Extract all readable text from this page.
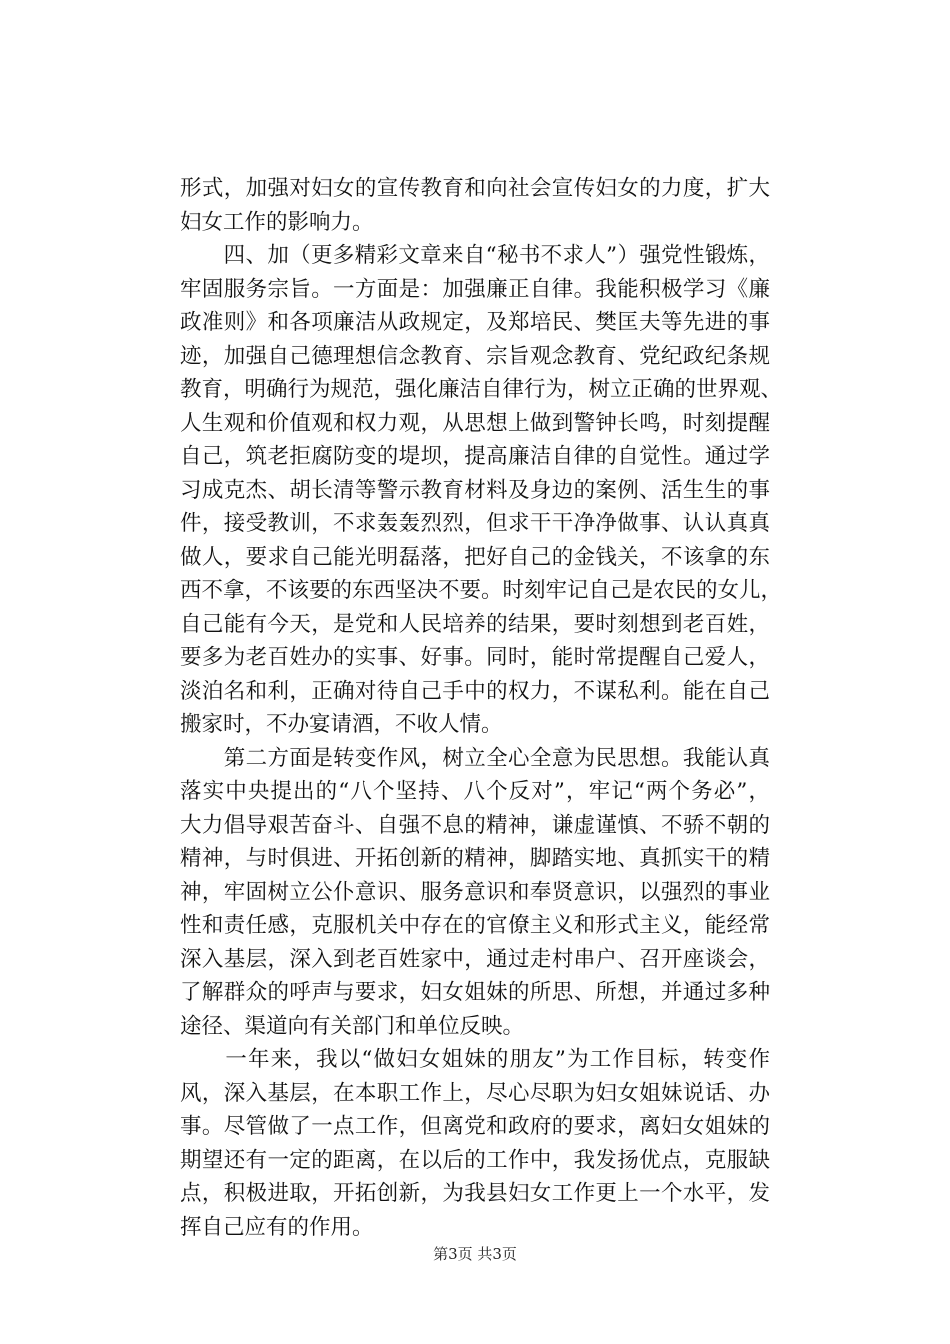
形式，加强对妇女的宣传教育和向社会宣传妇女的力度，扩大
妇女工作的影响力。
　　四、加（更多精彩文章来自“秘书不求人”）强党性锻炼，
牢固服务宗旨。一方面是：加强廉正自律。我能积极学习《廉
政准则》和各项廉洁从政规定，及郑培民、樊匡夫等先进的事
迹，加强自己德理想信念教育、宗旨观念教育、党纪政纪条规
教育，明确行为规范，强化廉洁自律行为，树立正确的世界观、
人生观和价值观和权力观，从思想上做到警钟长鸣，时刻提醒
自己，筑老拒腐防变的堤坝，提高廉洁自律的自觉性。通过学
习成克杰、胡长清等警示教育材料及身边的案例、活生生的事
件，接受教训，不求轰轰烈烈，但求干干净净做事、认认真真
做人，要求自己能光明磊落，把好自己的金钱关，不该拿的东
西不拿，不该要的东西坚决不要。时刻牢记自己是农民的女儿，
自己能有今天，是党和人民培养的结果，要时刻想到老百姓，
要多为老百姓办的实事、好事。同时，能时常提醒自己爱人，
淡泊名和利，正确对待自己手中的权力，不谋私利。能在自己
搬家时，不办宴请酒，不收人情。
　　第二方面是转变作风，树立全心全意为民思想。我能认真
落实中央提出的“八个坚持、八个反对”，牢记“两个务必”，
大力倡导艰苦奋斗、自强不息的精神，谦虚谨慎、不骄不朝的
精神，与时俱进、开拓创新的精神，脚踏实地、真抓实干的精
神，牢固树立公仆意识、服务意识和奉贤意识，以强烈的事业
性和责任感，克服机关中存在的官僚主义和形式主义，能经常
深入基层，深入到老百姓家中，通过走村串户、召开座谈会，
了解群众的呼声与要求，妇女姐妹的所思、所想，并通过多种
途径、渠道向有关部门和单位反映。
　　一年来，我以“做妇女姐妹的朋友”为工作目标，转变作
风，深入基层，在本职工作上，尽心尽职为妇女姐妹说话、办
事。尽管做了一点工作，但离党和政府的要求，离妇女姐妹的
期望还有一定的距离，在以后的工作中，我发扬优点，克服缺
点，积极进取，开拓创新，为我县妇女工作更上一个水平，发
挥自己应有的作用。
第3页 共3页
